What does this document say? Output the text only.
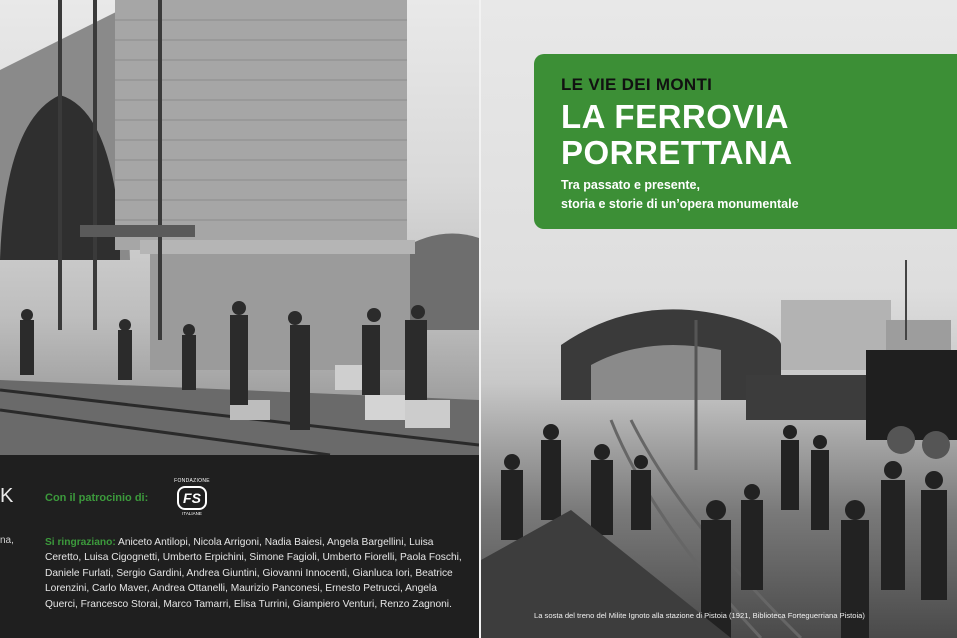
LE VIE DEI MONTI
LA FERROVIA
PORRETTANA
Tra passato e presente,
storia e storie di un’opera monumentale
La sosta del treno del Milite Ignoto alla stazione di Pistoia (1921, Biblioteca Forteguerriana Pistoia)
K
na,
Con il patrocinio di:
FONDAZIONE
FS
ITALIANE
Si ringraziano: Aniceto Antilopi, Nicola Arrigoni, Nadia Baiesi, Angela Bargellini, Luisa Ceretto, Luisa Cigognetti, Umberto Erpichini, Simone Fagioli, Umberto Fiorelli, Paola Foschi, Daniele Furlati, Sergio Gardini, Andrea Giuntini, Giovanni Innocenti, Gianluca Iori, Beatrice Lorenzini, Carlo Maver, Andrea Ottanelli, Maurizio Panconesi, Ernesto Petrucci, Angela Querci, Francesco Storai, Marco Tamarri, Elisa Turrini, Giampiero Venturi, Renzo Zagnoni.
